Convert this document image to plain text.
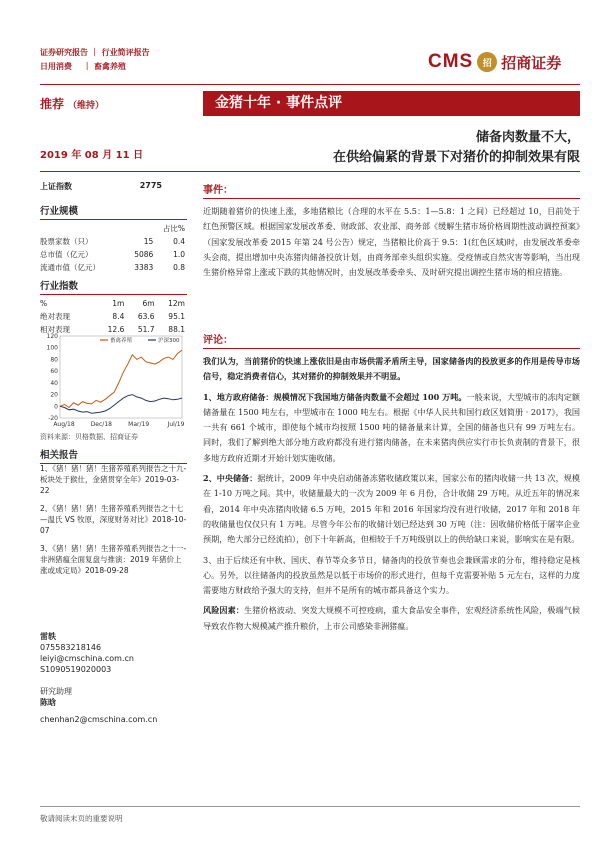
证券研究报告 ｜ 行业简评报告
日用消费    ｜ 畜禽养殖	CMS	招 招商证券
推荐 （维持）	金猪十年 · 事件点评
2019 年 08 月 11 日
储备肉数量不大，
在供给偏紧的背景下对猪价的抑制效果有限
上证指数	2775
行业规模
		占比%
股票家数（只）	15	0.4
总市值（亿元）	5086	1.0
流通市值（亿元）	3383	0.8
行业指数
%	1m	6m	12m
绝对表现	8.4	63.6	95.1
相对表现	12.6	51.7	88.1
-20
0
20
40
60
80
100
120
Aug/18	Dec/18	Mar/19	Jul/19
畜禽养殖	沪深300
资料来源：贝格数据、招商证券
相关报告
1、《猪！猪！猪！生猪养殖系列报告之十九-板块处于猴仕，金猪贯穿全年》2019-03-22
2、《猪！猪！猪！生猪养殖系列报告之十七—温氏 VS 牧原，深度财务对比》2018-10-07
3、《猪！猪！猪！生猪养殖系列报告之十一-非洲猪瘟全面复盘与推演：2019 年猪价上涨或成定局》2018-09-28
雷轶
075583218146
leiyi@cmschina.com.cn
S1090519020003
研究助理
陈晗
chenhan2@cmschina.com.cn
事件：

近期随着猪价的快速上涨，多地猪粮比（合理的水平在 5.5：1—5.8：1 之间）已经超过 10，目前处于红色预警区域。根据国家发展改革委、财政部、农业部、商务部《缓解生猪市场价格周期性波动调控预案》（国家发展改革委 2015 年第 24 号公告）规定，当猪粮比价高于 9.5：1(红色区域)时，由发展改革委牵头会商，提出增加中央冻猪肉储备投放计划，由商务部牵头组织实施。受疫情或自然灾害等影响，当出现生猪价格异常上涨或下跌的其他情况时，由发展改革委牵头、及时研究提出调控生猪市场的相应措施。

评论：

我们认为，当前猪价的快速上涨依旧是由市场供需矛盾所主导，国家储备肉的投放更多的作用是传导市场信号，稳定消费者信心，其对猪价的抑制效果并不明显。

1、地方政府储备：规模情况下我国地方储备肉数量不会超过 100 万吨。一般来说，大型城市的冻肉定额储备量在 1500 吨左右，中型城市在 1000 吨左右。根据《中华人民共和国行政区划简册 · 2017》，我国一共有 661 个城市，即使每个城市均按照 1500 吨的储备量来计算，全国的储备也只有 99 万吨左右。同时，我们了解到绝大部分地方政府都没有进行猪肉储备，在未来猪肉供应实行市长负责制的背景下，很多地方政府近期才开始计划实施收储。

2、中央储备：据统计，2009 年中央启动储备冻猪收储政策以来，国家公布的猪肉收储一共 13 次，规模在 1-10 万吨之间。其中，收储量最大的一次为 2009 年 6 月份，合计收储 29 万吨。从近五年的情况来看，2014 年中央冻猪肉收储 6.5 万吨，2015 年和 2016 年国家均没有进行收储，2017 年和 2018 年的收储量也仅仅只有 1 万吨。尽管今年公布的收储计划已经达到 30 万吨（注：因收储价格低于屠宰企业预期，绝大部分已经流拍），创下十年新高，但相较于千万吨级别以上的供给缺口来说，影响实在是有限。

3、由于后续还有中秋、国庆、春节等众多节日，储备肉的投放节奏也会兼顾需求的分布，维持稳定是核心。另外，以往储备肉的投放虽然是以低于市场价的形式进行，但每千克需要补贴 5 元左右，这样的力度需要地方财政给予强大的支持，但并不是所有的城市都具备这个实力。

风险因素：生猪价格波动、突发大规模不可控疫病，重大食品安全事件，宏观经济系统性风险，极端气候导致农作物大规模减产推升粮价，上市公司感染非洲猪瘟。

敬请阅读末页的重要说明
